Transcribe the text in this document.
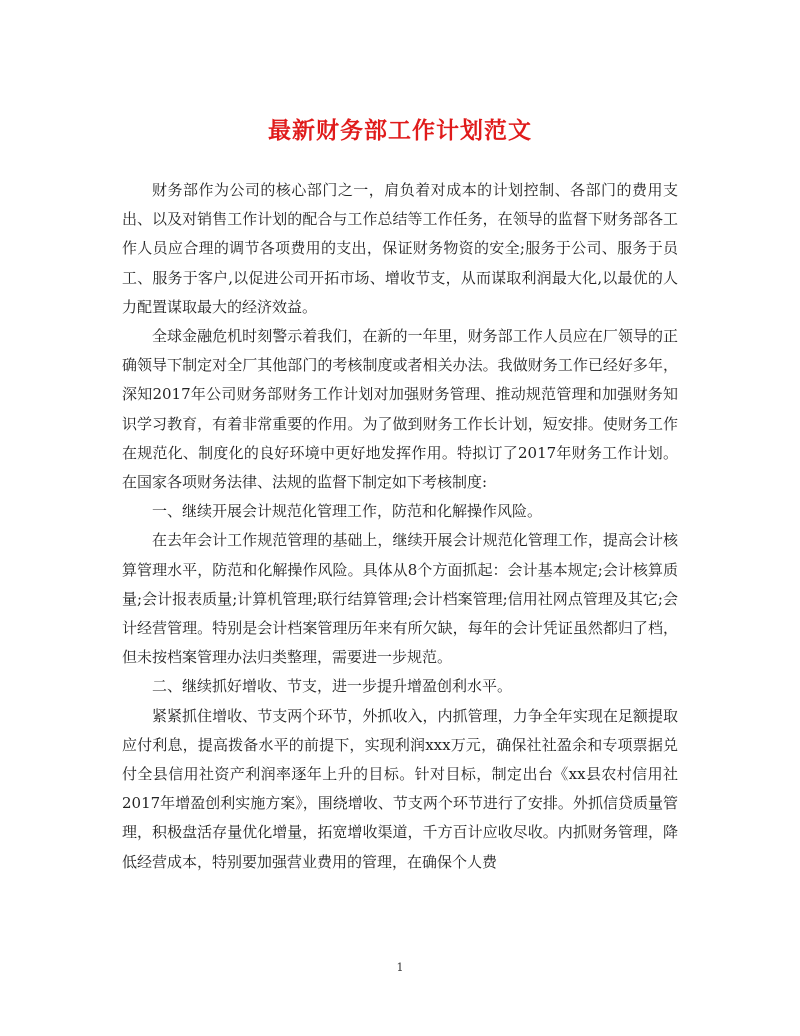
最新财务部工作计划范文

财务部作为公司的核心部门之一，肩负着对成本的计划控制、各部门的费用支出、以及对销售工作计划的配合与工作总结等工作任务，在领导的监督下财务部各工作人员应合理的调节各项费用的支出，保证财务物资的安全;服务于公司、服务于员工、服务于客户,以促进公司开拓市场、增收节支，从而谋取利润最大化,以最优的人力配置谋取最大的经济效益。

全球金融危机时刻警示着我们，在新的一年里，财务部工作人员应在厂领导的正确领导下制定对全厂其他部门的考核制度或者相关办法。我做财务工作已经好多年，深知2017年公司财务部财务工作计划对加强财务管理、推动规范管理和加强财务知识学习教育，有着非常重要的作用。为了做到财务工作长计划，短安排。使财务工作在规范化、制度化的良好环境中更好地发挥作用。特拟订了2017年财务工作计划。在国家各项财务法律、法规的监督下制定如下考核制度:

一、继续开展会计规范化管理工作，防范和化解操作风险。

在去年会计工作规范管理的基础上，继续开展会计规范化管理工作，提高会计核算管理水平，防范和化解操作风险。具体从8个方面抓起：会计基本规定;会计核算质量;会计报表质量;计算机管理;联行结算管理;会计档案管理;信用社网点管理及其它;会计经营管理。特别是会计档案管理历年来有所欠缺，每年的会计凭证虽然都归了档，但未按档案管理办法归类整理，需要进一步规范。

二、继续抓好增收、节支，进一步提升增盈创利水平。

紧紧抓住增收、节支两个环节，外抓收入，内抓管理，力争全年实现在足额提取应付利息，提高拨备水平的前提下，实现利润xxx万元，确保社社盈余和专项票据兑付全县信用社资产利润率逐年上升的目标。针对目标，制定出台《xx县农村信用社2017年增盈创利实施方案》，围绕增收、节支两个环节进行了安排。外抓信贷质量管理，积极盘活存量优化增量，拓宽增收渠道，千方百计应收尽收。内抓财务管理，降低经营成本，特别要加强营业费用的管理，在确保个人费

1
